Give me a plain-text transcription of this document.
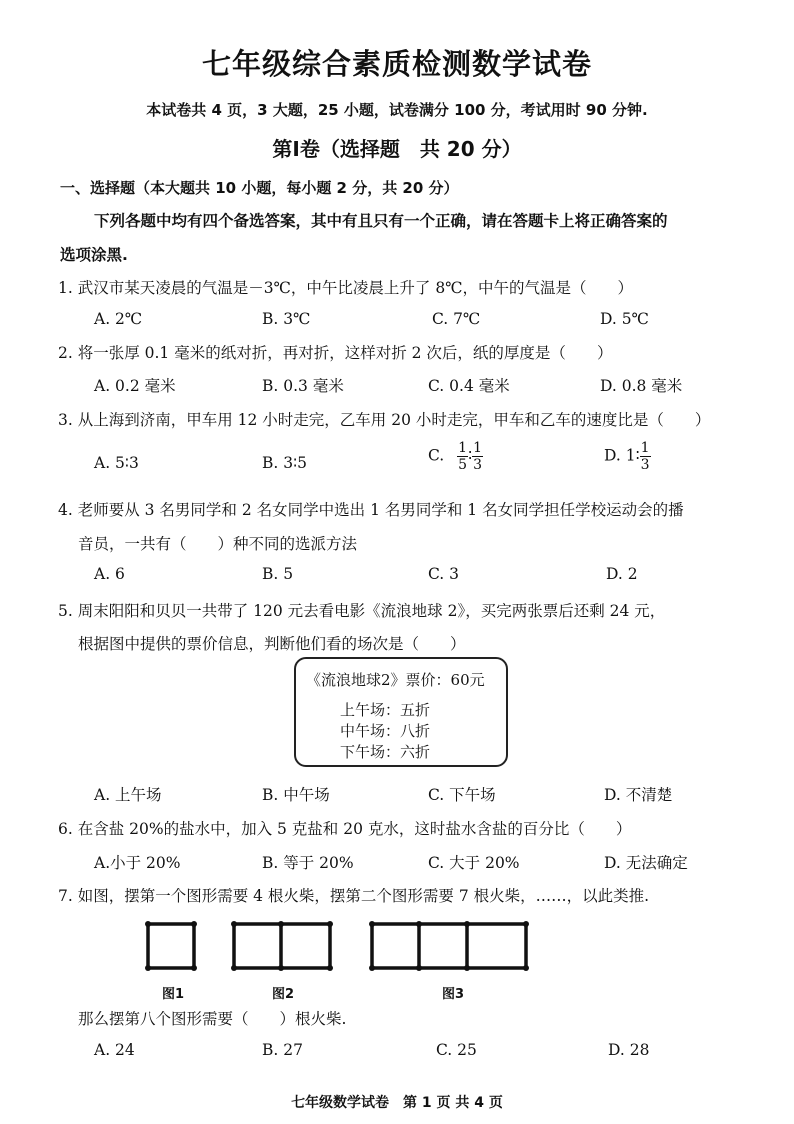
七年级综合素质检测数学试卷
本试卷共 4 页，3 大题，25 小题，试卷满分 100 分，考试用时 90 分钟.
第Ⅰ卷（选择题　共 20 分）
一、选择题（本大题共 10 小题，每小题 2 分，共 20 分）
下列各题中均有四个备选答案，其中有且只有一个正确，请在答题卡上将正确答案的
选项涂黑.
1. 武汉市某天凌晨的气温是－3℃，中午比凌晨上升了 8℃，中午的气温是（　　）
A. 2℃	B. 3℃	C. 7℃	D. 5℃
2. 将一张厚 0.1 毫米的纸对折，再对折，这样对折 2 次后，纸的厚度是（　　）
A. 0.2 毫米	B. 0.3 毫米	C. 0.4 毫米	D. 0.8 毫米
3. 从上海到济南，甲车用 12 小时走完，乙车用 20 小时走完，甲车和乙车的速度比是（　　）
A. 5∶3	B. 3∶5	C. $\frac{1}{5}$ ∶ $\frac{1}{3}$	D. 1∶ $\frac{1}{3}$
4. 老师要从 3 名男同学和 2 名女同学中选出 1 名男同学和 1 名女同学担任学校运动会的播
音员，一共有（　　）种不同的选派方法
A. 6	B. 5	C. 3	D. 2
5. 周末阳阳和贝贝一共带了 120 元去看电影《流浪地球 2》，买完两张票后还剩 24 元，
根据图中提供的票价信息，判断他们看的场次是（　　）
《流浪地球2》票价：60元
上午场：五折
中午场：八折
下午场：六折
A. 上午场	B. 中午场	C. 下午场	D. 不清楚
6. 在含盐 20%的盐水中，加入 5 克盐和 20 克水，这时盐水含盐的百分比（　　）
A.小于 20%	B. 等于 20%	C. 大于 20%	D. 无法确定
7. 如图，摆第一个图形需要 4 根火柴，摆第二个图形需要 7 根火柴，……，以此类推.
图1	图2	图3
那么摆第八个图形需要（　　）根火柴.
A. 24	B. 27	C. 25	D. 28
七年级数学试卷　第 1 页 共 4 页
